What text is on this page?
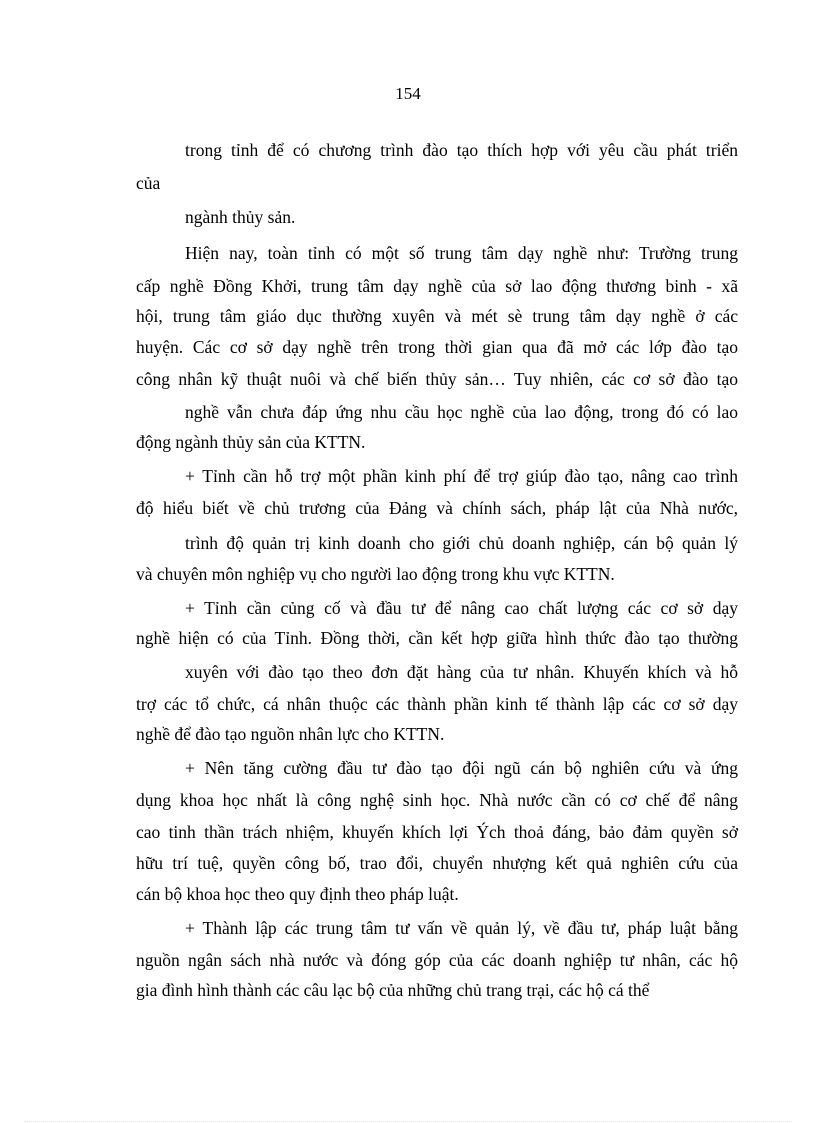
154
trong tỉnh để có chương trình đào tạo thích hợp với yêu cầu phát triển
của
ngành thủy sản.
Hiện nay, toàn tỉnh có một số trung tâm dạy nghề như: Trường trung
cấp nghề Đồng Khởi, trung tâm dạy nghề của sở lao động thương binh - xã
hội, trung tâm giáo dục thường xuyên và mét sè trung tâm dạy nghề ở các
huyện. Các cơ sở dạy nghề trên trong thời gian qua đã mở các lớp đào tạo
công nhân kỹ thuật nuôi và chế biến thủy sản… Tuy nhiên, các cơ sở đào tạo
nghề vẫn chưa đáp ứng nhu cầu học nghề của lao động, trong đó có lao
động ngành thủy sản của KTTN.
+ Tỉnh cần hỗ trợ một phần kinh phí để trợ giúp đào tạo, nâng cao trình
độ hiểu biết về chủ trương của Đảng và chính sách, pháp lật của Nhà nước,
trình độ quản trị kinh doanh cho giới chủ doanh nghiệp, cán bộ quản lý
và chuyên môn nghiệp vụ cho người lao động trong khu vực KTTN.
+ Tỉnh cần củng cố và đầu tư để nâng cao chất lượng các cơ sở dạy
nghề hiện có của Tỉnh. Đồng thời, cần kết hợp giữa hình thức đào tạo thường
xuyên với đào tạo theo đơn đặt hàng của tư nhân. Khuyến khích và hỗ
trợ các tổ chức, cá nhân thuộc các thành phần kinh tế thành lập các cơ sở dạy
nghề để đào tạo nguồn nhân lực cho KTTN.
+ Nên tăng cường đầu tư đào tạo đội ngũ cán bộ nghiên cứu và ứng
dụng khoa học nhất là công nghệ sinh học. Nhà nước cần có cơ chế để nâng
cao tinh thần trách nhiệm, khuyến khích lợi Ých thoả đáng, bảo đảm quyền sở
hữu trí tuệ, quyền công bố, trao đổi, chuyển nhượng kết quả nghiên cứu của
cán bộ khoa học theo quy định theo pháp luật.
+ Thành lập các trung tâm tư vấn về quản lý, về đầu tư, pháp luật bằng
nguồn ngân sách nhà nước và đóng góp của các doanh nghiệp tư nhân, các hộ
gia đình hình thành các câu lạc bộ của những chủ trang trại, các hộ cá thể
